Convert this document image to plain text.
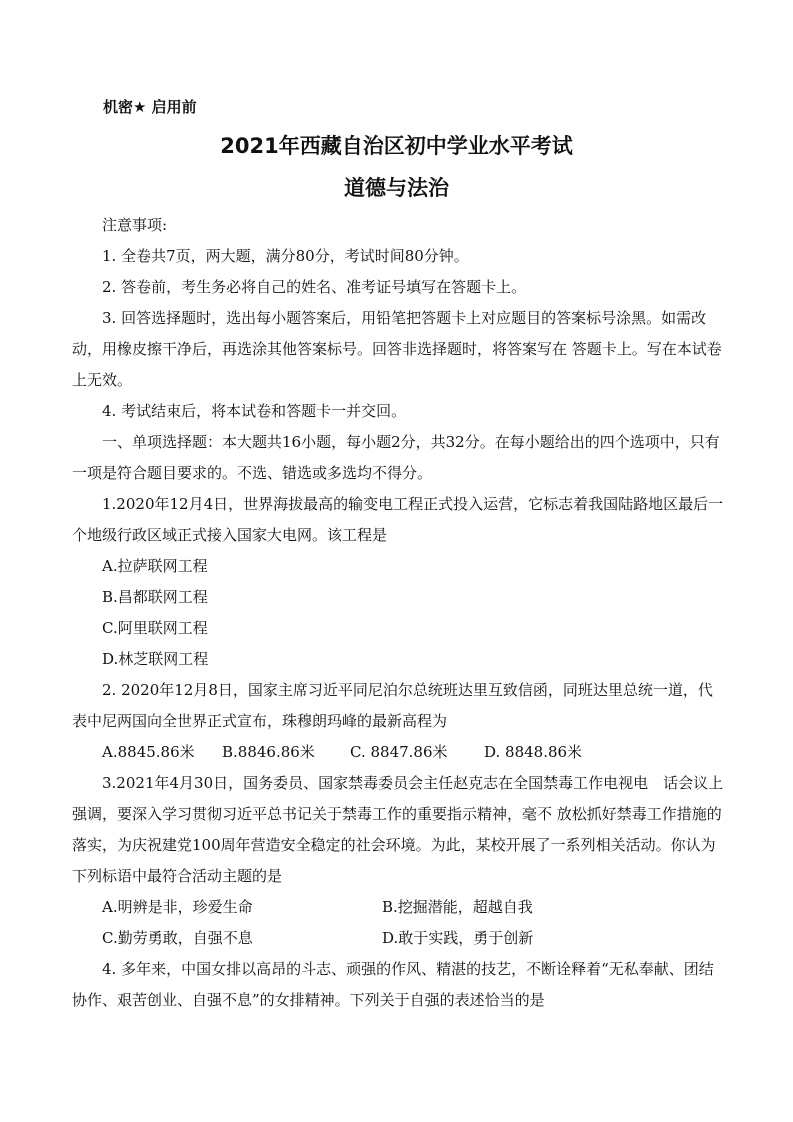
机密★ 启用前
2021年西藏自治区初中学业水平考试
道德与法治

注意事项:

1. 全卷共7页，两大题，满分80分，考试时间80分钟。

2. 答卷前，考生务必将自己的姓名、准考证号填写在答题卡上。

3. 回答选择题时，选出每小题答案后，用铅笔把答题卡上对应题目的答案标号涂黑。如需改动，用橡皮擦干净后，再选涂其他答案标号。回答非选择题时，将答案写在 答题卡上。写在本试卷上无效。

4. 考试结束后，将本试卷和答题卡一并交回。

一、单项选择题：本大题共16小题，每小题2分，共32分。在每小题给出的四个选项中，只有一项是符合题目要求的。不选、错选或多选均不得分。

1.2020年12月4日，世界海拔最高的输变电工程正式投入运营，它标志着我国陆路地区最后一个地级行政区域正式接入国家大电网。该工程是

A.拉萨联网工程

B.昌都联网工程

C.阿里联网工程

D.林芝联网工程

2. 2020年12月8日，国家主席习近平同尼泊尔总统班达里互致信函，同班达里总统一道，代表中尼两国向全世界正式宣布，珠穆朗玛峰的最新高程为

A.8845.86米	B.8846.86米	C. 8847.86米	D. 8848.86米

3.2021年4月30日，国务委员、国家禁毒委员会主任赵克志在全国禁毒工作电视电　话会议上强调，要深入学习贯彻习近平总书记关于禁毒工作的重要指示精神，毫不 放松抓好禁毒工作措施的落实，为庆祝建党100周年营造安全稳定的社会环境。为此，某校开展了一系列相关活动。你认为下列标语中最符合活动主题的是

A.明辨是非，珍爱生命	B.挖掘潜能，超越自我
C.勤劳勇敢，自强不息	D.敢于实践，勇于创新

4. 多年来，中国女排以高昂的斗志、顽强的作风、精湛的技艺，不断诠释着“无私奉献、团结协作、艰苦创业、自强不息”的女排精神。下列关于自强的表述恰当的是
